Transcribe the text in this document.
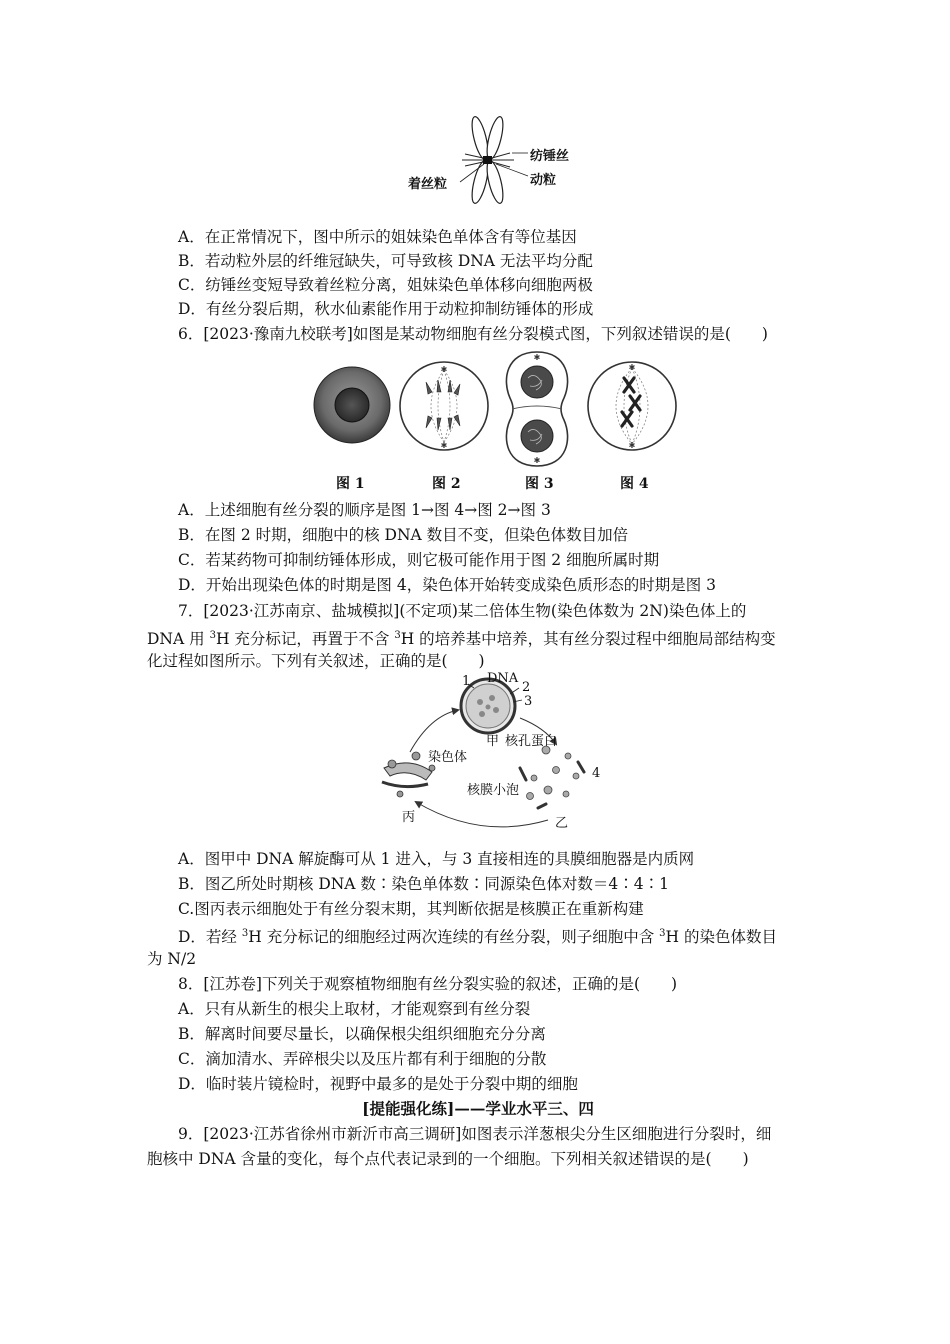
纺锤丝
动粒
着丝粒
A．在正常情况下，图中所示的姐妹染色单体含有等位基因
B．若动粒外层的纤维冠缺失，可导致核 DNA 无法平均分配
C．纺锤丝变短导致着丝粒分离，姐妹染色单体移向细胞两极
D．有丝分裂后期，秋水仙素能作用于动粒抑制纺锤体的形成
6．[2023·豫南九校联考]如图是某动物细胞有丝分裂模式图，下列叙述错误的是(　　)
✱
✱
✱
✱
✱
✱
图 1	图 2	图 3	图 4
A．上述细胞有丝分裂的顺序是图 1→图 4→图 2→图 3
B．在图 2 时期，细胞中的核 DNA 数目不变，但染色体数目加倍
C．若某药物可抑制纺锤体形成，则它极可能作用于图 2 细胞所属时期
D．开始出现染色体的时期是图 4，染色体开始转变成染色质形态的时期是图 3
7．[2023·江苏南京、盐城模拟](不定项)某二倍体生物(染色体数为 2N)染色体上的
DNA 用 $^3$H 充分标记，再置于不含 $^3$H 的培养基中培养，其有丝分裂过程中细胞局部结构变
化过程如图所示。下列有关叙述，正确的是(　　)
1 DNA
2
3
甲 核孔蛋白
染色体
4
核膜小泡
丙	乙
A．图甲中 DNA 解旋酶可从 1 进入，与 3 直接相连的具膜细胞器是内质网
B．图乙所处时期核 DNA 数∶染色单体数∶同源染色体对数＝4∶4∶1
C.图丙表示细胞处于有丝分裂末期，其判断依据是核膜正在重新构建
D．若经 $^3$H 充分标记的细胞经过两次连续的有丝分裂，则子细胞中含 $^3$H 的染色体数目
为 N/2
8．[江苏卷]下列关于观察植物细胞有丝分裂实验的叙述，正确的是(　　)
A．只有从新生的根尖上取材，才能观察到有丝分裂
B．解离时间要尽量长，以确保根尖组织细胞充分分离
C．滴加清水、弄碎根尖以及压片都有利于细胞的分散
D．临时装片镜检时，视野中最多的是处于分裂中期的细胞
[提能强化练]——学业水平三、四
9．[2023·江苏省徐州市新沂市高三调研]如图表示洋葱根尖分生区细胞进行分裂时，细
胞核中 DNA 含量的变化，每个点代表记录到的一个细胞。下列相关叙述错误的是(　　)
